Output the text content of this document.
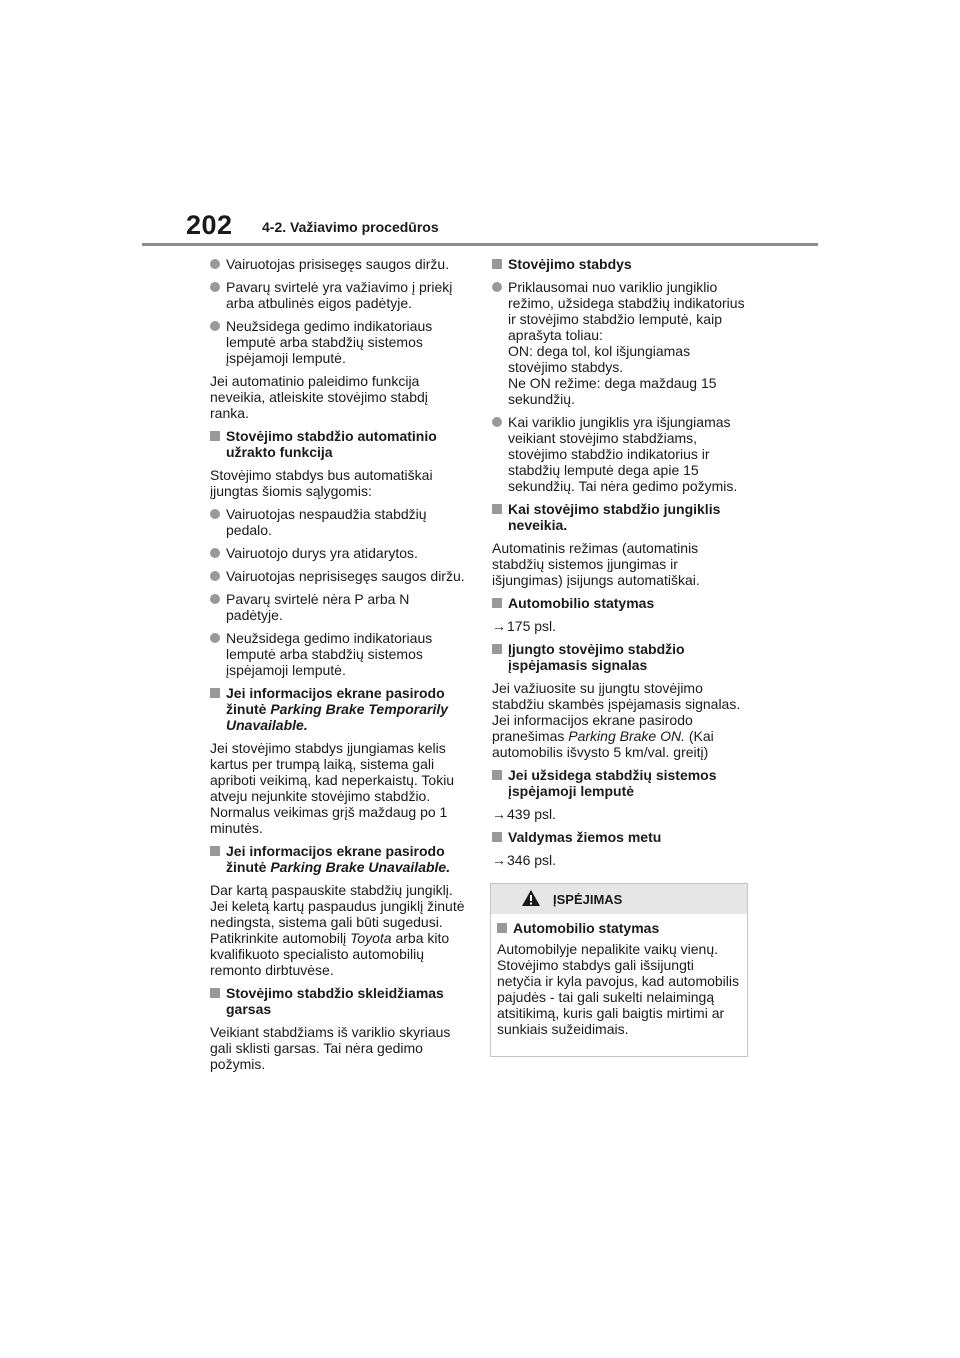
202 4-2. Važiavimo procedūros
Vairuotojas prisisegęs saugos diržu.
Pavarų svirtelė yra važiavimo į priekį arba atbulinės eigos padėtyje.
Neužsidega gedimo indikatoriaus lemputė arba stabdžių sistemos įspėjamoji lemputė.
Jei automatinio paleidimo funkcija neveikia, atleiskite stovėjimo stabdį ranka.
Stovėjimo stabdžio automatinio užrakto funkcija
Stovėjimo stabdys bus automatiškai įjungtas šiomis sąlygomis:
Vairuotojas nespaudžia stabdžių pedalo.
Vairuotojo durys yra atidarytos.
Vairuotojas neprisisegęs saugos diržu.
Pavarų svirtelė nėra P arba N padėtyje.
Neužsidega gedimo indikatoriaus lemputė arba stabdžių sistemos įspėjamoji lemputė.
Jei informacijos ekrane pasirodo žinutė Parking Brake Temporarily Unavailable.
Jei stovėjimo stabdys įjungiamas kelis kartus per trumpą laiką, sistema gali apriboti veikimą, kad neperkaistų. Tokiu atveju nejunkite stovėjimo stabdžio. Normalus veikimas grįš maždaug po 1 minutės.
Jei informacijos ekrane pasirodo žinutė Parking Brake Unavailable.
Dar kartą paspauskite stabdžių jungiklį. Jei keletą kartų paspaudus jungiklį žinutė nedingsta, sistema gali būti sugedusi. Patikrinkite automobilį Toyota arba kito kvalifikuoto specialisto automobilių remonto dirbtuvėse.
Stovėjimo stabdžio skleidžiamas garsas
Veikiant stabdžiams iš variklio skyriaus gali sklisti garsas. Tai nėra gedimo požymis.
Stovėjimo stabdys
Priklausomai nuo variklio jungiklio režimo, užsidega stabdžių indikatorius ir stovėjimo stabdžio lemputė, kaip aprašyta toliau:
ON: dega tol, kol išjungiamas stovėjimo stabdys.
Ne ON režime: dega maždaug 15 sekundžių.
Kai variklio jungiklis yra išjungiamas veikiant stovėjimo stabdžiams, stovėjimo stabdžio indikatorius ir stabdžių lemputė dega apie 15 sekundžių. Tai nėra gedimo požymis.
Kai stovėjimo stabdžio jungiklis neveikia.
Automatinis režimas (automatinis stabdžių sistemos įjungimas ir išjungimas) įsijungs automatiškai.
Automobilio statymas
→175 psl.
Įjungto stovėjimo stabdžio įspėjamasis signalas
Jei važiuosite su įjungtu stovėjimo stabdžiu skambės įspėjamasis signalas. Jei informacijos ekrane pasirodo pranešimas Parking Brake ON. (Kai automobilis išvysto 5 km/val. greitį)
Jei užsidega stabdžių sistemos įspėjamoji lemputė
→439 psl.
Valdymas žiemos metu
→346 psl.
ĮSPĖJIMAS
Automobilio statymas
Automobilyje nepalikite vaikų vienų. Stovėjimo stabdys gali išsijungti netyčia ir kyla pavojus, kad automobilis pajudės - tai gali sukelti nelaimingą atsitikimą, kuris gali baigtis mirtimi ar sunkiais sužeidimais.
